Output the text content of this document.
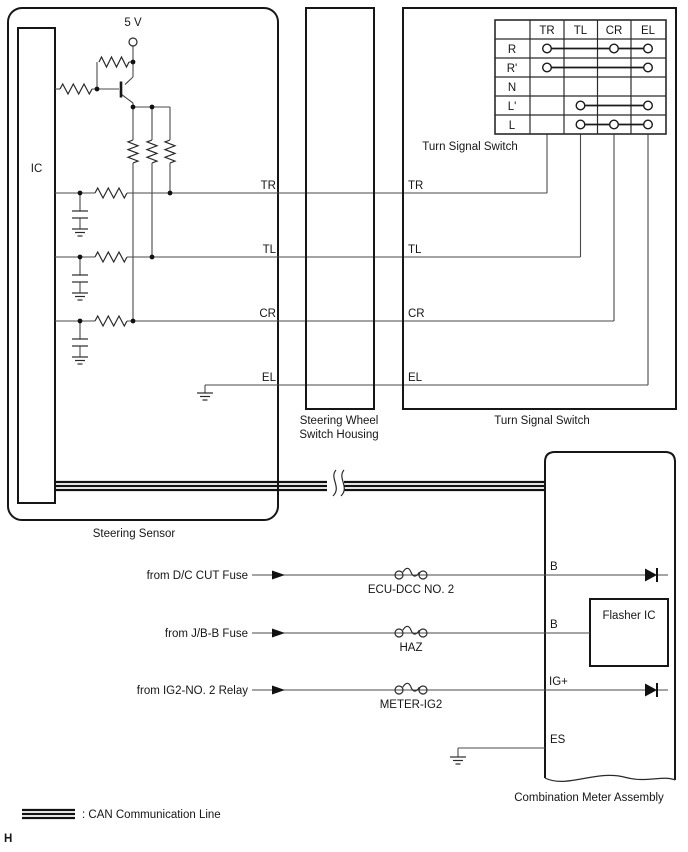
IC
5 V
TR
TL
CR
EL
TR
TL
CR
EL
Steering Wheel
Switch Housing
TR TL CR EL
R
R'
N
L'
L
Turn Signal Switch
Turn Signal Switch
Steering Sensor
Flasher IC
from D/C CUT Fuse
ECU-DCC NO. 2
B
from J/B-B Fuse
HAZ
B
from IG2-NO. 2 Relay
METER-IG2
IG+
ES
Combination Meter Assembly
: CAN Communication Line
H
